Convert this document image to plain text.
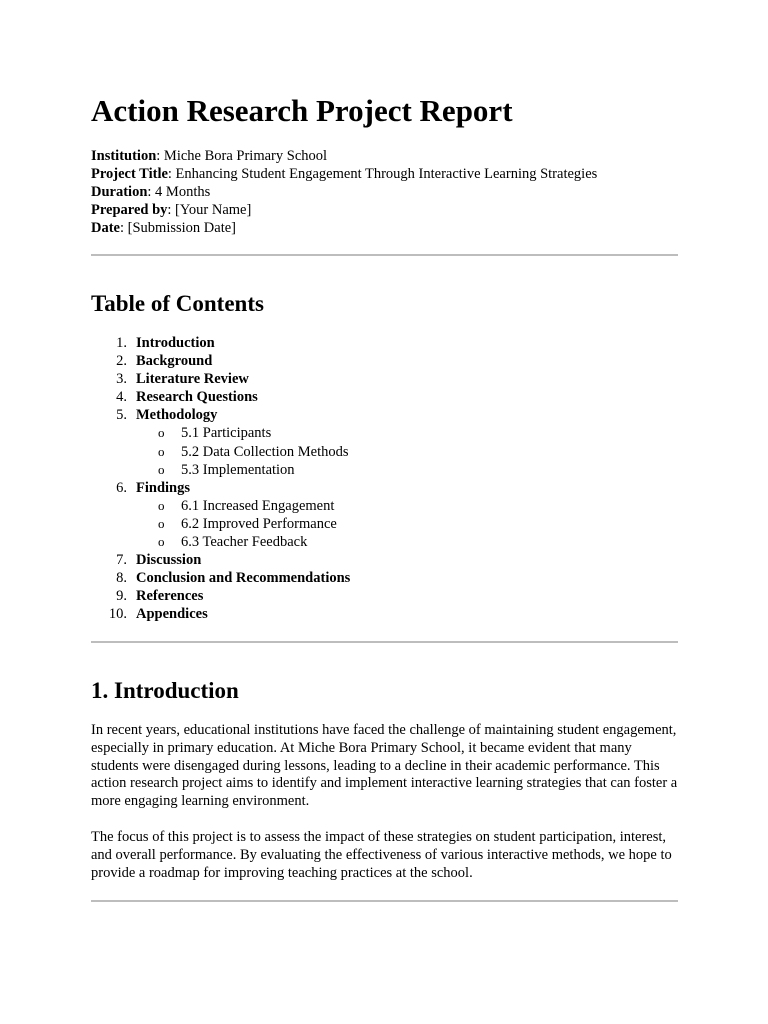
Action Research Project Report
Institution: Miche Bora Primary School
Project Title: Enhancing Student Engagement Through Interactive Learning Strategies
Duration: 4 Months
Prepared by: [Your Name]
Date: [Submission Date]
Table of Contents
1. Introduction
2. Background
3. Literature Review
4. Research Questions
5. Methodology
o 5.1 Participants
o 5.2 Data Collection Methods
o 5.3 Implementation
6. Findings
o 6.1 Increased Engagement
o 6.2 Improved Performance
o 6.3 Teacher Feedback
7. Discussion
8. Conclusion and Recommendations
9. References
10. Appendices
1. Introduction

In recent years, educational institutions have faced the challenge of maintaining student engagement, especially in primary education. At Miche Bora Primary School, it became evident that many students were disengaged during lessons, leading to a decline in their academic performance. This action research project aims to identify and implement interactive learning strategies that can foster a more engaging learning environment.

The focus of this project is to assess the impact of these strategies on student participation, interest, and overall performance. By evaluating the effectiveness of various interactive methods, we hope to provide a roadmap for improving teaching practices at the school.
